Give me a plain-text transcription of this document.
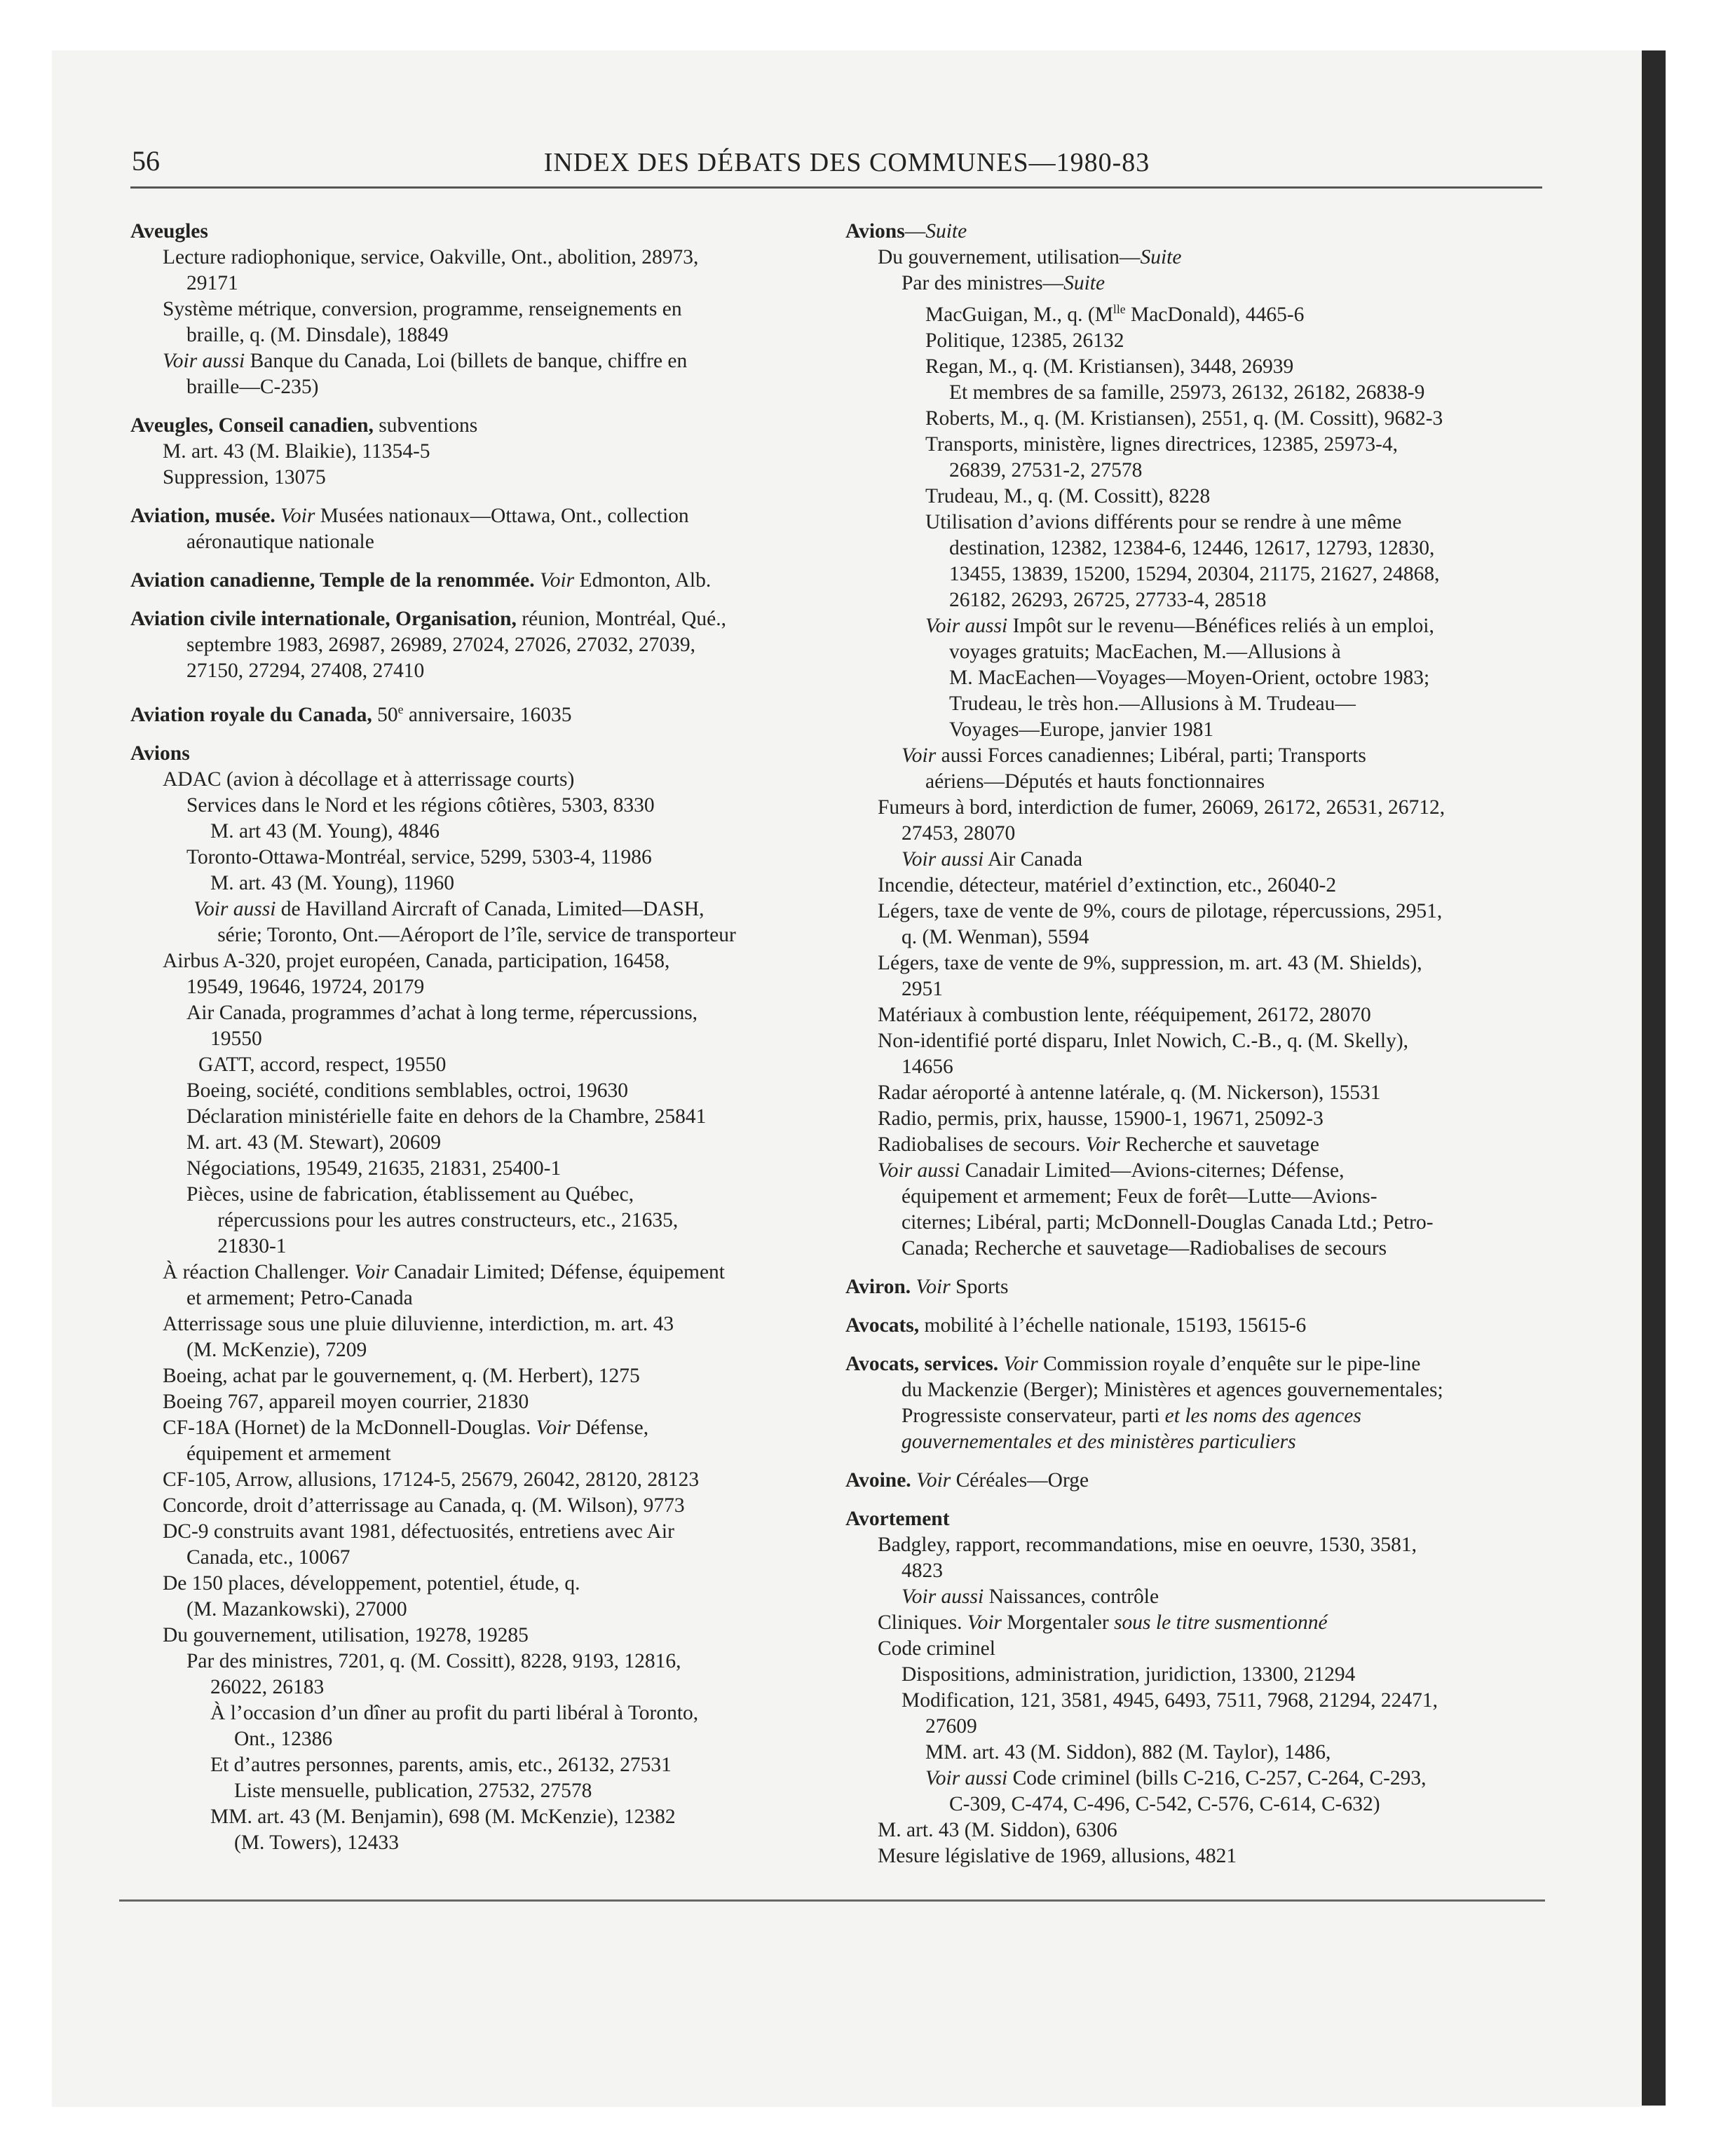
56	INDEX DES DÉBATS DES COMMUNES—1980-83
Aveugles
Lecture radiophonique, service, Oakville, Ont., abolition, 28973,
29171
Système métrique, conversion, programme, renseignements en
braille, q. (M. Dinsdale), 18849
Voir aussi Banque du Canada, Loi (billets de banque, chiffre en
braille—C-235)
Aveugles, Conseil canadien, subventions
M. art. 43 (M. Blaikie), 11354-5
Suppression, 13075
Aviation, musée. Voir Musées nationaux—Ottawa, Ont., collection
aéronautique nationale
Aviation canadienne, Temple de la renommée. Voir Edmonton, Alb.
Aviation civile internationale, Organisation, réunion, Montréal, Qué.,
septembre 1983, 26987, 26989, 27024, 27026, 27032, 27039,
27150, 27294, 27408, 27410
Aviation royale du Canada, 50e anniversaire, 16035
Avions
ADAC (avion à décollage et à atterrissage courts)
Services dans le Nord et les régions côtières, 5303, 8330
M. art 43 (M. Young), 4846
Toronto-Ottawa-Montréal, service, 5299, 5303-4, 11986
M. art. 43 (M. Young), 11960
Voir aussi de Havilland Aircraft of Canada, Limited—DASH,
série; Toronto, Ont.—Aéroport de l’île, service de transporteur
Airbus A-320, projet européen, Canada, participation, 16458,
19549, 19646, 19724, 20179
Air Canada, programmes d’achat à long terme, répercussions,
19550
GATT, accord, respect, 19550
Boeing, société, conditions semblables, octroi, 19630
Déclaration ministérielle faite en dehors de la Chambre, 25841
M. art. 43 (M. Stewart), 20609
Négociations, 19549, 21635, 21831, 25400-1
Pièces, usine de fabrication, établissement au Québec,
répercussions pour les autres constructeurs, etc., 21635,
21830-1
À réaction Challenger. Voir Canadair Limited; Défense, équipement
et armement; Petro-Canada
Atterrissage sous une pluie diluvienne, interdiction, m. art. 43
(M. McKenzie), 7209
Boeing, achat par le gouvernement, q. (M. Herbert), 1275
Boeing 767, appareil moyen courrier, 21830
CF-18A (Hornet) de la McDonnell-Douglas. Voir Défense,
équipement et armement
CF-105, Arrow, allusions, 17124-5, 25679, 26042, 28120, 28123
Concorde, droit d’atterrissage au Canada, q. (M. Wilson), 9773
DC-9 construits avant 1981, défectuosités, entretiens avec Air
Canada, etc., 10067
De 150 places, développement, potentiel, étude, q.
(M. Mazankowski), 27000
Du gouvernement, utilisation, 19278, 19285
Par des ministres, 7201, q. (M. Cossitt), 8228, 9193, 12816,
26022, 26183
À l’occasion d’un dîner au profit du parti libéral à Toronto,
Ont., 12386
Et d’autres personnes, parents, amis, etc., 26132, 27531
Liste mensuelle, publication, 27532, 27578
MM. art. 43 (M. Benjamin), 698 (M. McKenzie), 12382
(M. Towers), 12433
Avions—Suite
Du gouvernement, utilisation—Suite
Par des ministres—Suite
MacGuigan, M., q. ($M^{lle}$ MacDonald), 4465-6
Politique, 12385, 26132
Regan, M., q. (M. Kristiansen), 3448, 26939
Et membres de sa famille, 25973, 26132, 26182, 26838-9
Roberts, M., q. (M. Kristiansen), 2551, q. (M. Cossitt), 9682-3
Transports, ministère, lignes directrices, 12385, 25973-4,
26839, 27531-2, 27578
Trudeau, M., q. (M. Cossitt), 8228
Utilisation d’avions différents pour se rendre à une même
destination, 12382, 12384-6, 12446, 12617, 12793, 12830,
13455, 13839, 15200, 15294, 20304, 21175, 21627, 24868,
26182, 26293, 26725, 27733-4, 28518
Voir aussi Impôt sur le revenu—Bénéfices reliés à un emploi,
voyages gratuits; MacEachen, M.—Allusions à
M. MacEachen—Voyages—Moyen-Orient, octobre 1983;
Trudeau, le très hon.—Allusions à M. Trudeau—
Voyages—Europe, janvier 1981
Voir aussi Forces canadiennes; Libéral, parti; Transports
aériens—Députés et hauts fonctionnaires
Fumeurs à bord, interdiction de fumer, 26069, 26172, 26531, 26712,
27453, 28070
Voir aussi Air Canada
Incendie, détecteur, matériel d’extinction, etc., 26040-2
Légers, taxe de vente de 9%, cours de pilotage, répercussions, 2951,
q. (M. Wenman), 5594
Légers, taxe de vente de 9%, suppression, m. art. 43 (M. Shields),
2951
Matériaux à combustion lente, rééquipement, 26172, 28070
Non-identifié porté disparu, Inlet Nowich, C.-B., q. (M. Skelly),
14656
Radar aéroporté à antenne latérale, q. (M. Nickerson), 15531
Radio, permis, prix, hausse, 15900-1, 19671, 25092-3
Radiobalises de secours. Voir Recherche et sauvetage
Voir aussi Canadair Limited—Avions-citernes; Défense,
équipement et armement; Feux de forêt—Lutte—Avions-
citernes; Libéral, parti; McDonnell-Douglas Canada Ltd.; Petro-
Canada; Recherche et sauvetage—Radiobalises de secours
Aviron. Voir Sports
Avocats, mobilité à l’échelle nationale, 15193, 15615-6
Avocats, services. Voir Commission royale d’enquête sur le pipe-line
du Mackenzie (Berger); Ministères et agences gouvernementales;
Progressiste conservateur, parti et les noms des agences
gouvernementales et des ministères particuliers
Avoine. Voir Céréales—Orge
Avortement
Badgley, rapport, recommandations, mise en oeuvre, 1530, 3581,
4823
Voir aussi Naissances, contrôle
Cliniques. Voir Morgentaler sous le titre susmentionné
Code criminel
Dispositions, administration, juridiction, 13300, 21294
Modification, 121, 3581, 4945, 6493, 7511, 7968, 21294, 22471,
27609
MM. art. 43 (M. Siddon), 882 (M. Taylor), 1486,
Voir aussi Code criminel (bills C-216, C-257, C-264, C-293,
C-309, C-474, C-496, C-542, C-576, C-614, C-632)
M. art. 43 (M. Siddon), 6306
Mesure législative de 1969, allusions, 4821
